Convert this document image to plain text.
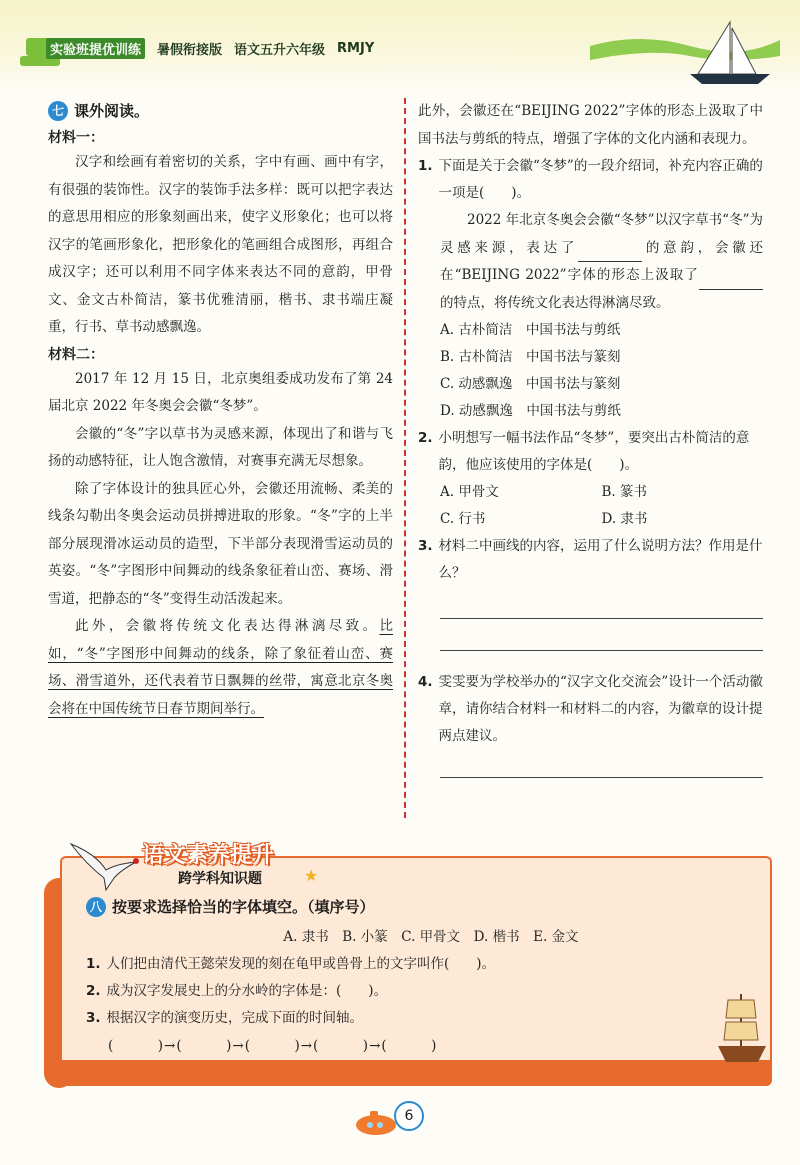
实验班提优训练	暑假衔接版 语文五升六年级 RMJY
七 课外阅读。
材料一：

汉字和绘画有着密切的关系，字中有画、画中有字，有很强的装饰性。汉字的装饰手法多样：既可以把字表达的意思用相应的形象刻画出来，使字义形象化；也可以将汉字的笔画形象化，把形象化的笔画组合成图形，再组合成汉字；还可以利用不同字体来表达不同的意韵，甲骨文、金文古朴简洁，篆书优雅清丽，楷书、隶书端庄凝重，行书、草书动感飘逸。

材料二：

2017 年 12 月 15 日，北京奥组委成功发布了第 24 届北京 2022 年冬奥会会徽“冬梦”。

会徽的“冬”字以草书为灵感来源，体现出了和谐与飞扬的动感特征，让人饱含激情，对赛事充满无尽想象。

除了字体设计的独具匠心外，会徽还用流畅、柔美的线条勾勒出冬奥会运动员拼搏进取的形象。“冬”字的上半部分展现滑冰运动员的造型，下半部分表现滑雪运动员的英姿。“冬”字图形中间舞动的线条象征着山峦、赛场、滑雪道，把静态的“冬”变得生动活泼起来。

此外，会徽将传统文化表达得淋漓尽致。比如，“冬”字图形中间舞动的线条，除了象征着山峦、赛场、滑雪道外，还代表着节日飘舞的丝带，寓意北京冬奥会将在中国传统节日春节期间举行。

此外，会徽还在“BEIJING 2022”字体的形态上汲取了中国书法与剪纸的特点，增强了字体的文化内涵和表现力。

1. 下面是关于会徽“冬梦”的一段介绍词，补充内容正确的一项是(　　)。

2022 年北京冬奥会会徽“冬梦”以汉字草书“冬”为灵感来源，表达了	的意韵，会徽还在“BEIJING 2022”字体的形态上汲取了的特点，将传统文化表达得淋漓尽致。

A. 古朴简洁　中国书法与剪纸
B. 古朴简洁　中国书法与篆刻
C. 动感飘逸　中国书法与篆刻
D. 动感飘逸　中国书法与剪纸
2. 小明想写一幅书法作品“冬梦”，要突出古朴简洁的意韵，他应该使用的字体是(　　)。
A. 甲骨文	B. 篆书
C. 行书	D. 隶书
3. 材料二中画线的内容，运用了什么说明方法？作用是什么？
4. 雯雯要为学校举办的“汉字文化交流会”设计一个活动徽章，请你结合材料一和材料二的内容，为徽章的设计提两点建议。
语文素养提升
跨学科知识题	★
八 按要求选择恰当的字体填空。（填序号）
A. 隶书　B. 小篆　C. 甲骨文　D. 楷书　E. 金文
1. 人们把由清代王懿荣发现的刻在龟甲或兽骨上的文字叫作(　　)。
2. 成为汉字发展史上的分水岭的字体是：(　　)。
3. 根据汉字的演变历史，完成下面的时间轴。
(　　　)→(　　　)→(　　　)→(　　　)→(　　　)
6
